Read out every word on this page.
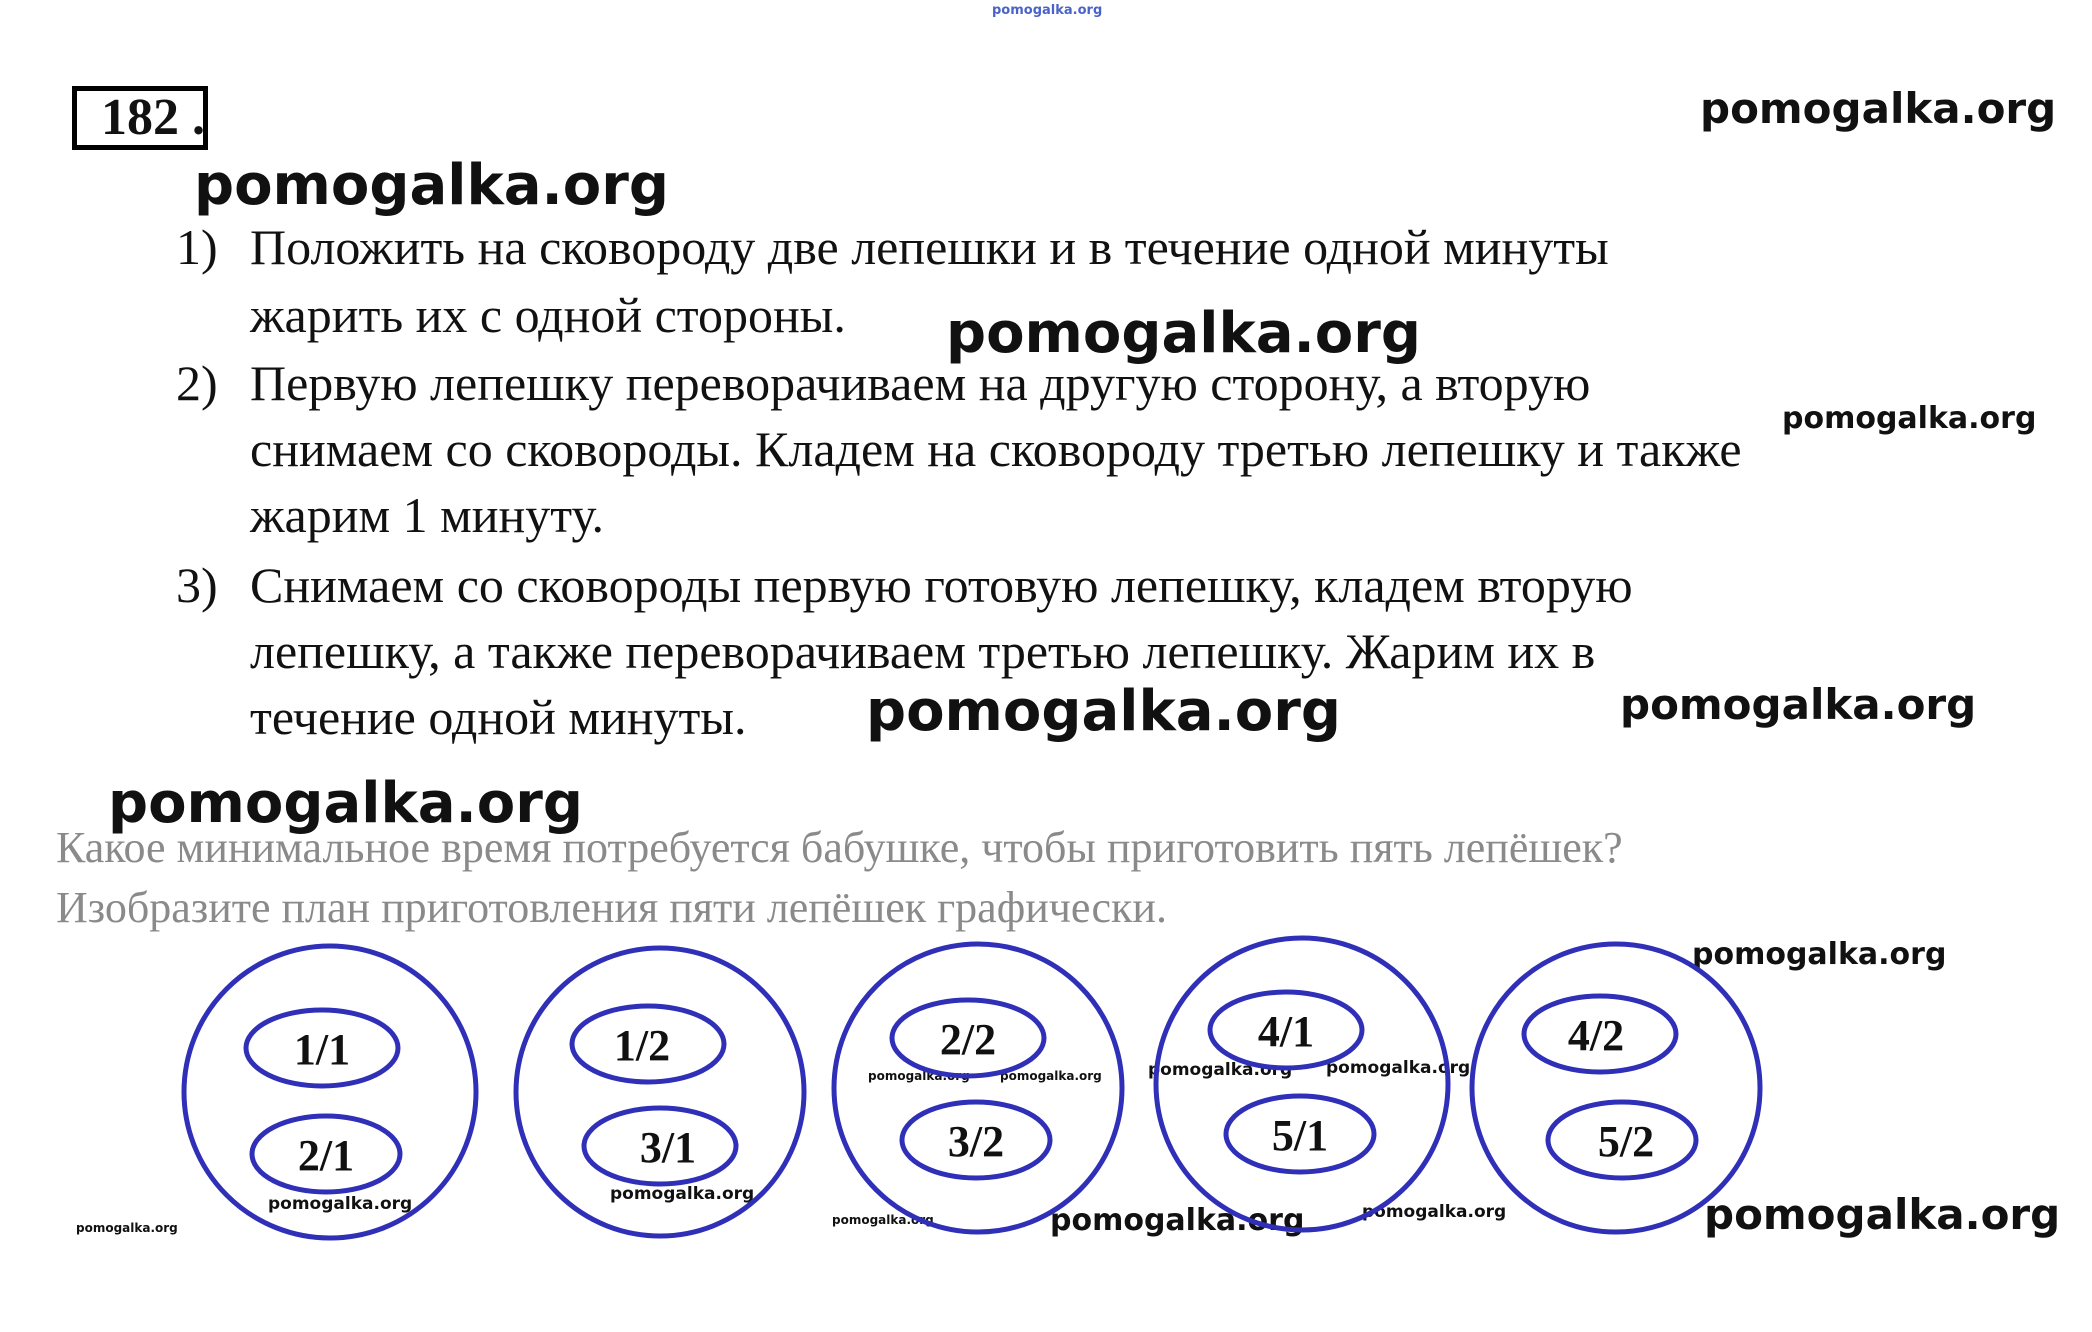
pomogalka.org
pomogalka.org
pomogalka.org
pomogalka.org
pomogalka.org
pomogalka.org	pomogalka.org
pomogalka.org
pomogalka.org
pomogalka.org	pomogalka.org	pomogalka.org pomogalka.org
pomogalka.org
pomogalka.org
pomogalka.org
pomogalka.org	pomogalka.org	pomogalka.org	pomogalka.org
182 .
1) Положить на сковороду две лепешки и в течение одной минуты
жарить их с одной стороны.
2) Первую лепешку переворачиваем на другую сторону, а вторую
снимаем со сковороды. Кладем на сковороду третью лепешку и также
жарим 1 минуту.
3) Снимаем со сковороды первую готовую лепешку, кладем вторую
лепешку, а также переворачиваем третью лепешку. Жарим их в
течение одной минуты.
Какое минимальное время потребуется бабушке, чтобы приготовить пять лепёшек?
Изобразите план приготовления пяти лепёшек графически.
1/1
2/1
1/2
3/1
2/2
3/2
4/1
5/1
4/2
5/2
